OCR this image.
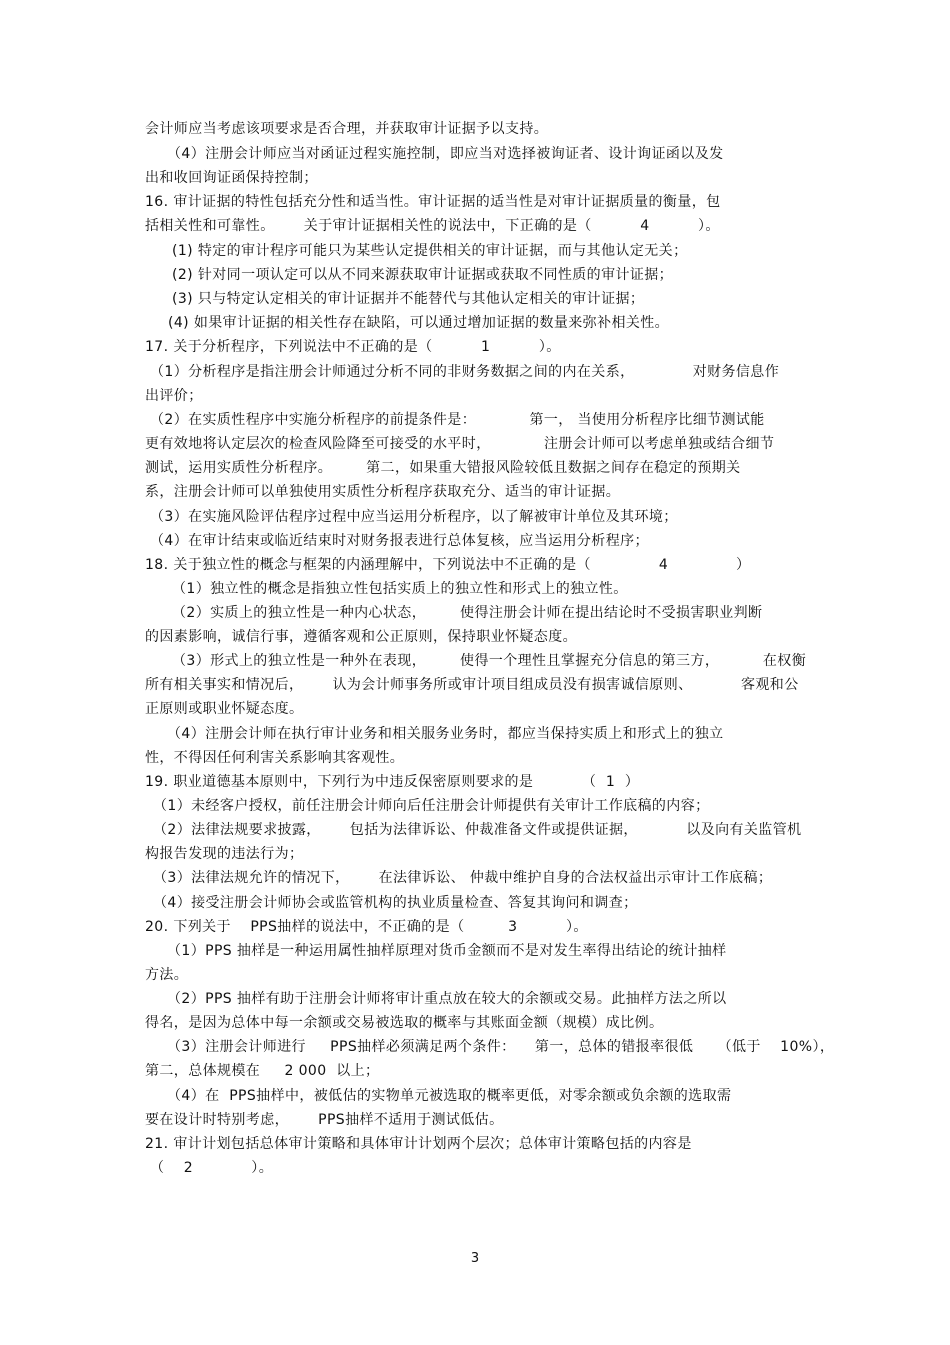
会计师应当考虑该项要求是否合理，并获取审计证据予以支持。
（4）注册会计师应当对函证过程实施控制，即应当对选择被询证者、设计询证函以及发
出和收回询证函保持控制；
16. 审计证据的特性包括充分性和适当性。审计证据的适当性是对审计证据质量的衡量，包
括相关性和可靠性。      关于审计证据相关性的说法中，下正确的是（          4          ）。
(1) 特定的审计程序可能只为某些认定提供相关的审计证据，而与其他认定无关；
(2) 针对同一项认定可以从不同来源获取审计证据或获取不同性质的审计证据；
(3) 只与特定认定相关的审计证据并不能替代与其他认定相关的审计证据；
(4) 如果审计证据的相关性存在缺陷，可以通过增加证据的数量来弥补相关性。
17. 关于分析程序，下列说法中不正确的是（          1          ）。
（1）分析程序是指注册会计师通过分析不同的非财务数据之间的内在关系，            对财务信息作
出评价；
（2）在实质性程序中实施分析程序的前提条件是：           第一， 当使用分析程序比细节测试能
更有效地将认定层次的检查风险降至可接受的水平时，           注册会计师可以考虑单独或结合细节
测试，运用实质性分析程序。       第二，如果重大错报风险较低且数据之间存在稳定的预期关
系，注册会计师可以单独使用实质性分析程序获取充分、适当的审计证据。
（3）在实施风险评估程序过程中应当运用分析程序，以了解被审计单位及其环境；
（4）在审计结束或临近结束时对财务报表进行总体复核，应当运用分析程序；
18. 关于独立性的概念与框架的内涵理解中，下列说法中不正确的是（              4              ）
（1）独立性的概念是指独立性包括实质上的独立性和形式上的独立性。
（2）实质上的独立性是一种内心状态，       使得注册会计师在提出结论时不受损害职业判断
的因素影响，诚信行事，遵循客观和公正原则，保持职业怀疑态度。
（3）形式上的独立性是一种外在表现，       使得一个理性且掌握充分信息的第三方，         在权衡
所有相关事实和情况后，      认为会计师事务所或审计项目组成员没有损害诚信原则、          客观和公
正原则或职业怀疑态度。
（4）注册会计师在执行审计业务和相关服务业务时，都应当保持实质上和形式上的独立
性，不得因任何利害关系影响其客观性。
19. 职业道德基本原则中，下列行为中违反保密原则要求的是          （  1  ）
（1）未经客户授权，前任注册会计师向后任注册会计师提供有关审计工作底稿的内容；
（2）法律法规要求披露，      包括为法律诉讼、仲裁准备文件或提供证据，          以及向有关监管机
构报告发现的违法行为；
（3）法律法规允许的情况下，      在法律诉讼、 仲裁中维护自身的合法权益出示审计工作底稿；
（4）接受注册会计师协会或监管机构的执业质量检查、答复其询问和调查；
20. 下列关于    PPS抽样的说法中，不正确的是（         3          ）。
（1）PPS 抽样是一种运用属性抽样原理对货币金额而不是对发生率得出结论的统计抽样
方法。
（2）PPS 抽样有助于注册会计师将审计重点放在较大的余额或交易。此抽样方法之所以
得名，是因为总体中每一余额或交易被选取的概率与其账面金额（规模）成比例。
（3）注册会计师进行     PPS抽样必须满足两个条件：    第一，总体的错报率很低     （低于    10%），
第二，总体规模在     2 000  以上；
（4）在  PPS抽样中，被低估的实物单元被选取的概率更低，对零余额或负余额的选取需
要在设计时特别考虑，      PPS抽样不适用于测试低估。
21. 审计计划包括总体审计策略和具体审计计划两个层次；总体审计策略包括的内容是
（    2            ）。
3
